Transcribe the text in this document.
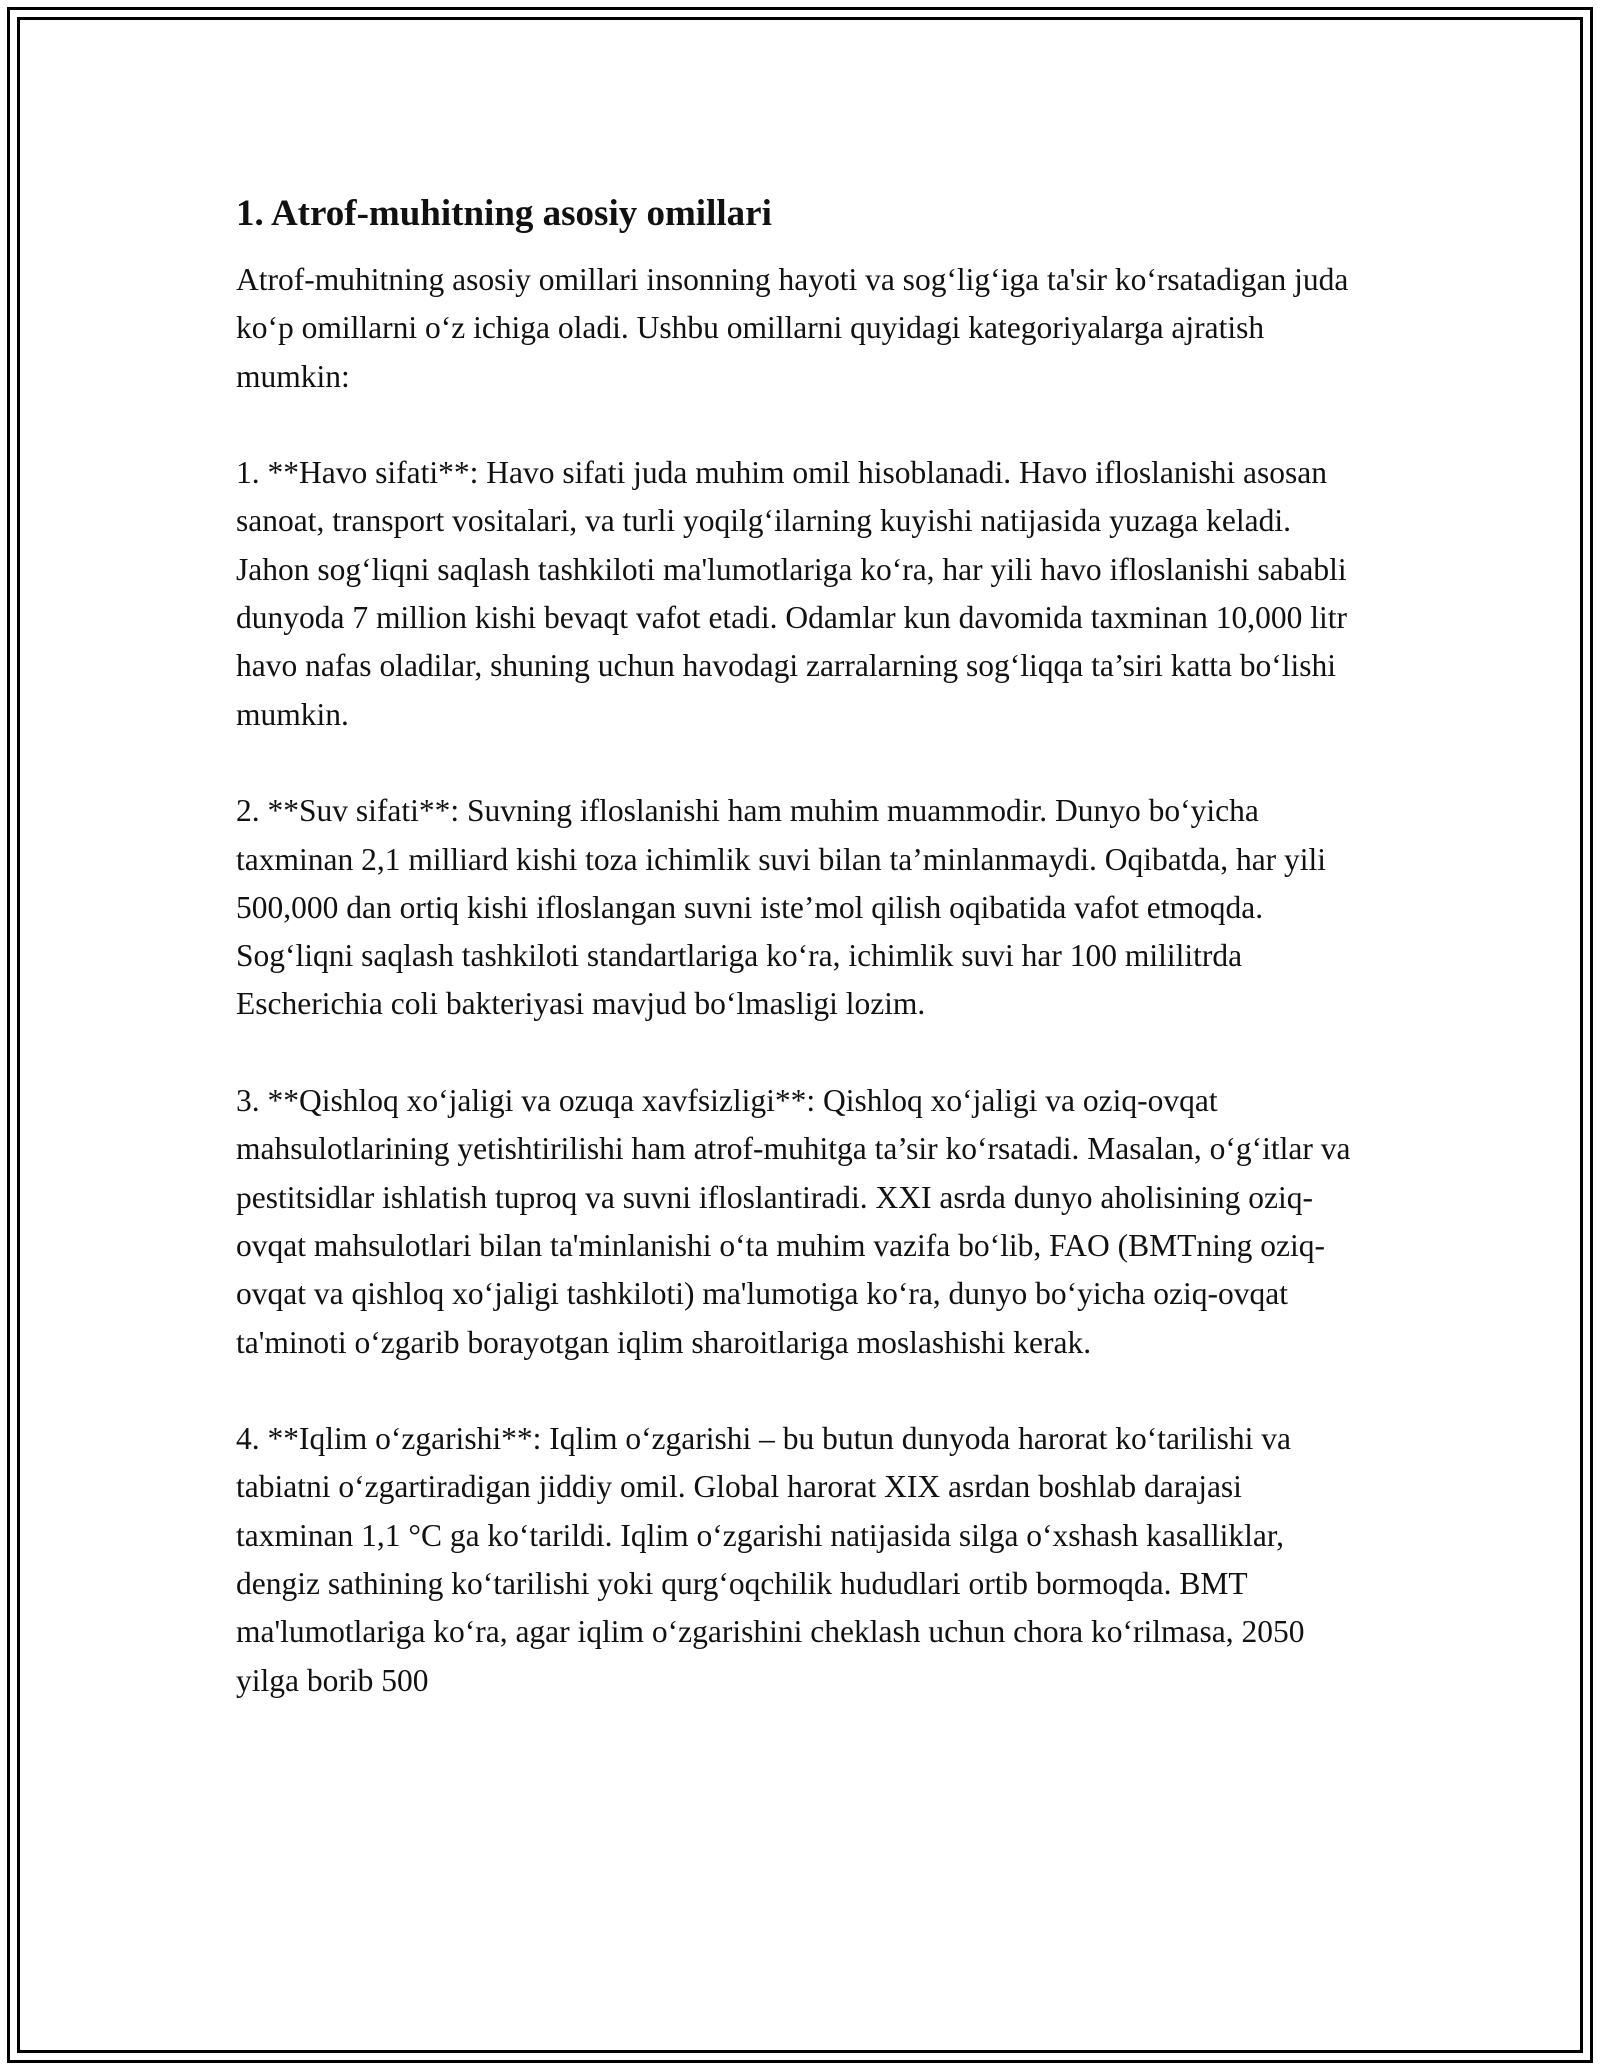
1. Atrof-muhitning asosiy omillari

Atrof-muhitning asosiy omillari insonning hayoti va sog‘lig‘iga ta'sir ko‘rsatadigan juda ko‘p omillarni o‘z ichiga oladi. Ushbu omillarni quyidagi kategoriyalarga ajratish mumkin:

1. **Havo sifati**: Havo sifati juda muhim omil hisoblanadi. Havo ifloslanishi asosan sanoat, transport vositalari, va turli yoqilg‘ilarning kuyishi natijasida yuzaga keladi. Jahon sog‘liqni saqlash tashkiloti ma'lumotlariga ko‘ra, har yili havo ifloslanishi sababli dunyoda 7 million kishi bevaqt vafot etadi. Odamlar kun davomida taxminan 10,000 litr havo nafas oladilar, shuning uchun havodagi zarralarning sog‘liqqa ta’siri katta bo‘lishi mumkin.

2. **Suv sifati**: Suvning ifloslanishi ham muhim muammodir. Dunyo bo‘yicha taxminan 2,1 milliard kishi toza ichimlik suvi bilan ta’minlanmaydi. Oqibatda, har yili 500,000 dan ortiq kishi ifloslangan suvni iste’mol qilish oqibatida vafot etmoqda. Sog‘liqni saqlash tashkiloti standartlariga ko‘ra, ichimlik suvi har 100 mililitrda Escherichia coli bakteriyasi mavjud bo‘lmasligi lozim.

3. **Qishloq xo‘jaligi va ozuqa xavfsizligi**: Qishloq xo‘jaligi va oziq-ovqat mahsulotlarining yetishtirilishi ham atrof-muhitga ta’sir ko‘rsatadi. Masalan, o‘g‘itlar va pestitsidlar ishlatish tuproq va suvni ifloslantiradi. XXI asrda dunyo aholisining oziq-ovqat mahsulotlari bilan ta'minlanishi o‘ta muhim vazifa bo‘lib, FAO (BMTning oziq-ovqat va qishloq xo‘jaligi tashkiloti) ma'lumotiga ko‘ra, dunyo bo‘yicha oziq-ovqat ta'minoti o‘zgarib borayotgan iqlim sharoitlariga moslashishi kerak.

4. **Iqlim o‘zgarishi**: Iqlim o‘zgarishi – bu butun dunyoda harorat ko‘tarilishi va tabiatni o‘zgartiradigan jiddiy omil. Global harorat XIX asrdan boshlab darajasi taxminan 1,1 °C ga ko‘tarildi. Iqlim o‘zgarishi natijasida silga o‘xshash kasalliklar, dengiz sathining ko‘tarilishi yoki qurg‘oqchilik hududlari ortib bormoqda. BMT ma'lumotlariga ko‘ra, agar iqlim o‘zgarishini cheklash uchun chora ko‘rilmasa, 2050 yilga borib 500
